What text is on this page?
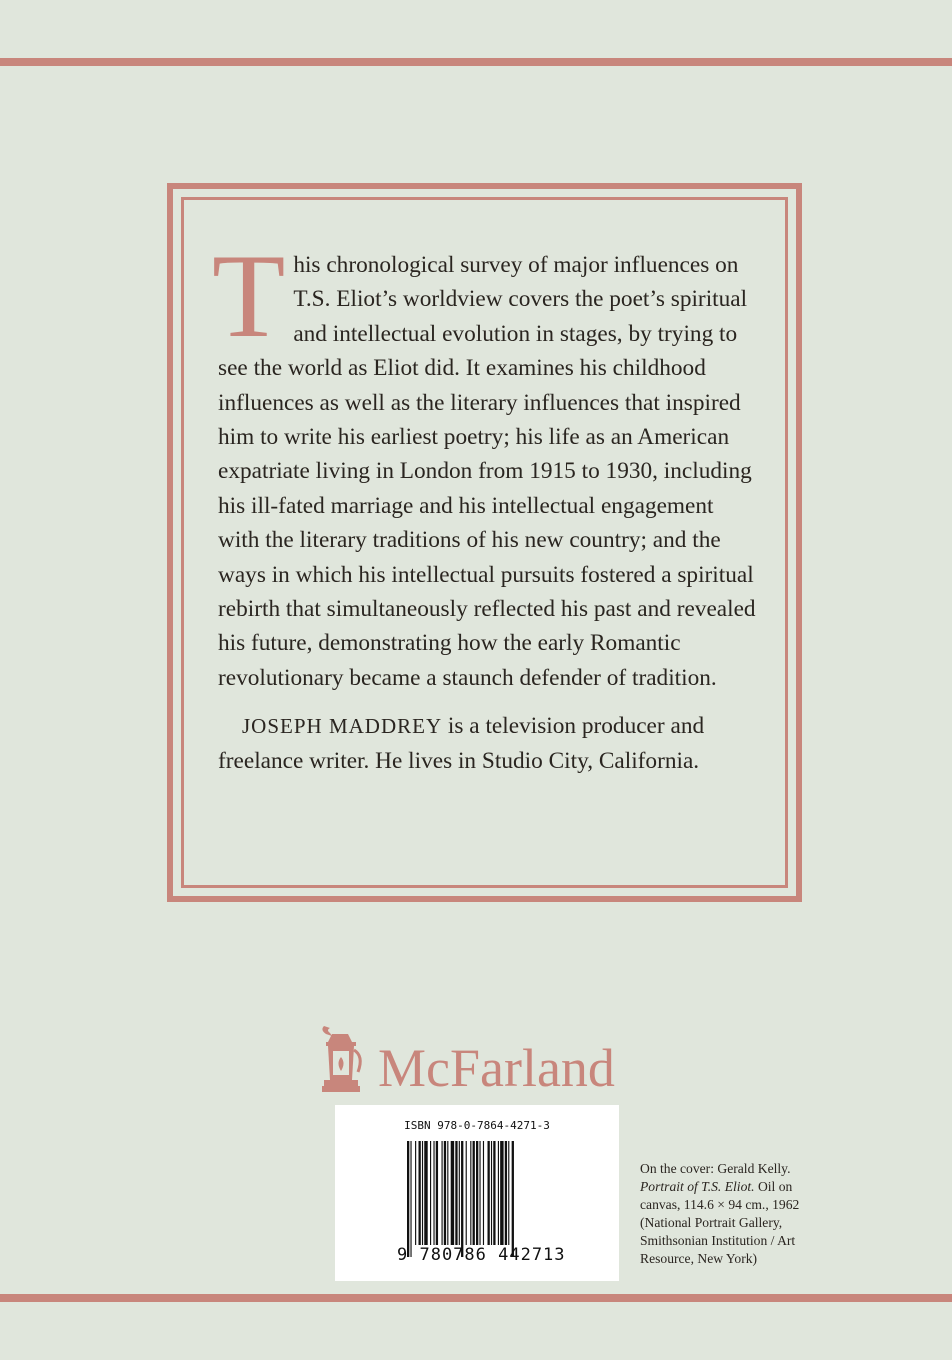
This chronological survey of major influences on T.S. Eliot’s worldview covers the poet’s spiritual and intellectual evolution in stages, by trying to see the world as Eliot did. It examines his childhood influences as well as the literary influences that inspired him to write his earliest poetry; his life as an American expatriate living in London from 1915 to 1930, including his ill-fated marriage and his intellectual engagement with the literary traditions of his new country; and the ways in which his intellectual pursuits fostered a spiritual rebirth that simultaneously reflected his past and revealed his future, demonstrating how the early Romantic revolutionary became a staunch defender of tradition.

JOSEPH MADDREY is a television producer and freelance writer. He lives in Studio City, California.

McFarland
ISBN 978-0-7864-4271-3
9 780786 442713
On the cover: Gerald Kelly. Portrait of T.S. Eliot. Oil on canvas, 114.6 × 94 cm., 1962 (National Portrait Gallery, Smithsonian Institution / Art Resource, New York)
